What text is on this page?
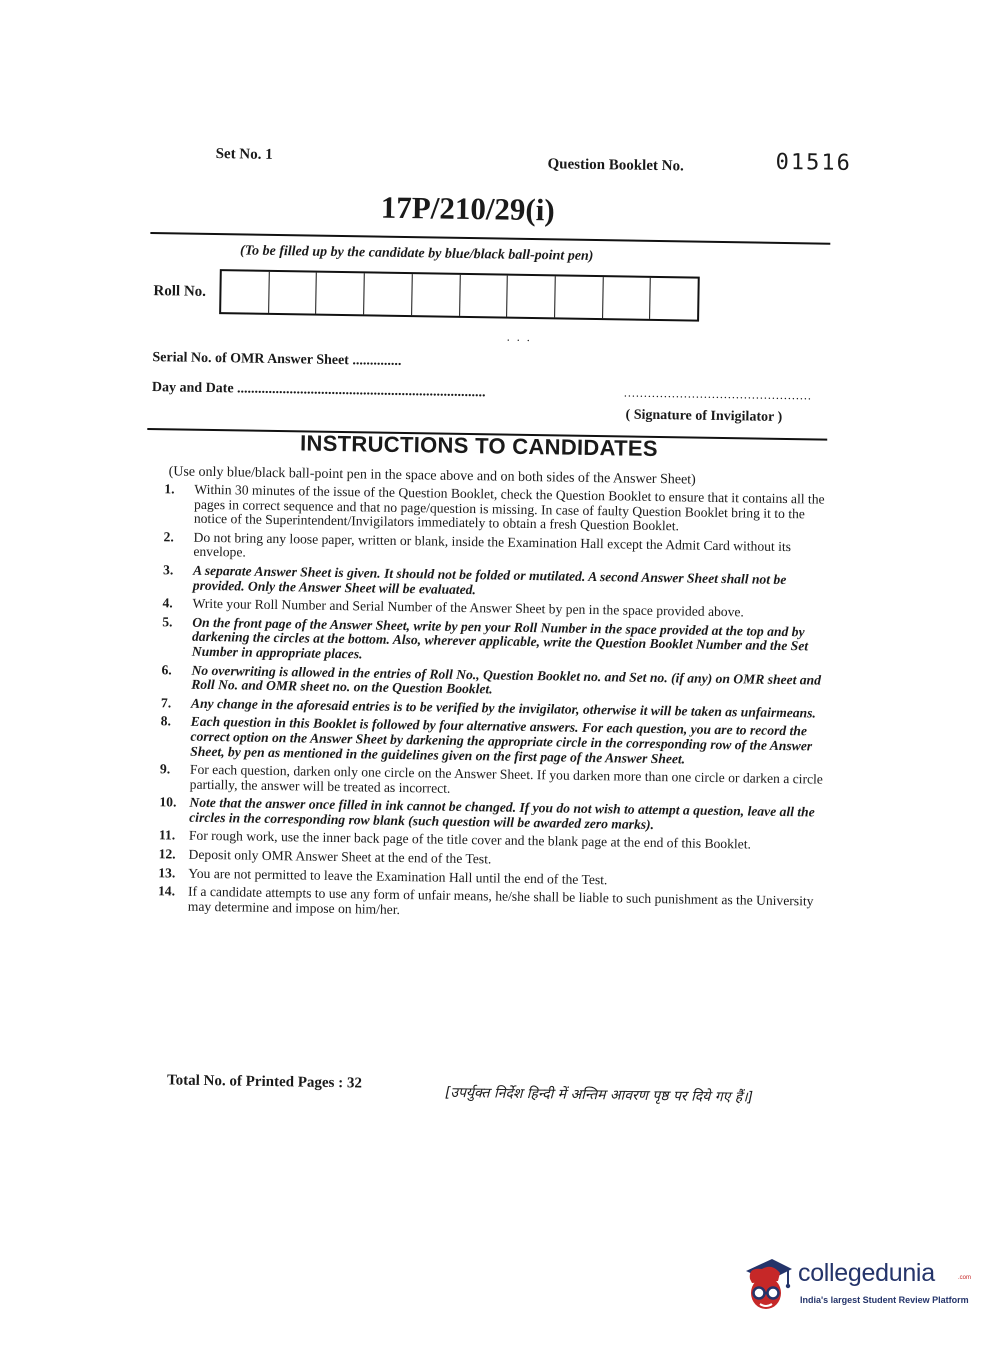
Set No. 1
Question Booklet No.	01516
17P/210/29(i)
(To be filled up by the candidate by blue/black ball-point pen)
Roll No.
. . .
Serial No. of OMR Answer Sheet ..............
Day and Date .......................................................................	...............................................
( Signature of Invigilator )
INSTRUCTIONS TO CANDIDATES
(Use only blue/black ball-point pen in the space above and on both sides of the Answer Sheet)
1. Within 30 minutes of the issue of the Question Booklet, check the Question Booklet to ensure that it contains all the pages in correct sequence and that no page/question is missing. In case of faulty Question Booklet bring it to the notice of the Superintendent/Invigilators immediately to obtain a fresh Question Booklet.
2. Do not bring any loose paper, written or blank, inside the Examination Hall except the Admit Card without its envelope.
3. A separate Answer Sheet is given. It should not be folded or mutilated. A second Answer Sheet shall not be provided. Only the Answer Sheet will be evaluated.
4. Write your Roll Number and Serial Number of the Answer Sheet by pen in the space provided above.
5. On the front page of the Answer Sheet, write by pen your Roll Number in the space provided at the top and by darkening the circles at the bottom. Also, wherever applicable, write the Question Booklet Number and the Set Number in appropriate places.
6. No overwriting is allowed in the entries of Roll No., Question Booklet no. and Set no. (if any) on OMR sheet and Roll No. and OMR sheet no. on the Question Booklet.
7. Any change in the aforesaid entries is to be verified by the invigilator, otherwise it will be taken as unfairmeans.
8. Each question in this Booklet is followed by four alternative answers. For each question, you are to record the correct option on the Answer Sheet by darkening the appropriate circle in the corresponding row of the Answer Sheet, by pen as mentioned in the guidelines given on the first page of the Answer Sheet.
9. For each question, darken only one circle on the Answer Sheet. If you darken more than one circle or darken a circle partially, the answer will be treated as incorrect.
10. Note that the answer once filled in ink cannot be changed. If you do not wish to attempt a question, leave all the circles in the corresponding row blank (such question will be awarded zero marks).
11. For rough work, use the inner back page of the title cover and the blank page at the end of this Booklet.
12. Deposit only OMR Answer Sheet at the end of the Test.
13. You are not permitted to leave the Examination Hall until the end of the Test.
14. If a candidate attempts to use any form of unfair means, he/she shall be liable to such punishment as the University may determine and impose on him/her.
Total No. of Printed Pages : 32
[उपर्युक्त निर्देश हिन्दी में अन्तिम आवरण पृष्ठ पर दिये गए हैं।]
collegedunia	.com
India's largest Student Review Platform
